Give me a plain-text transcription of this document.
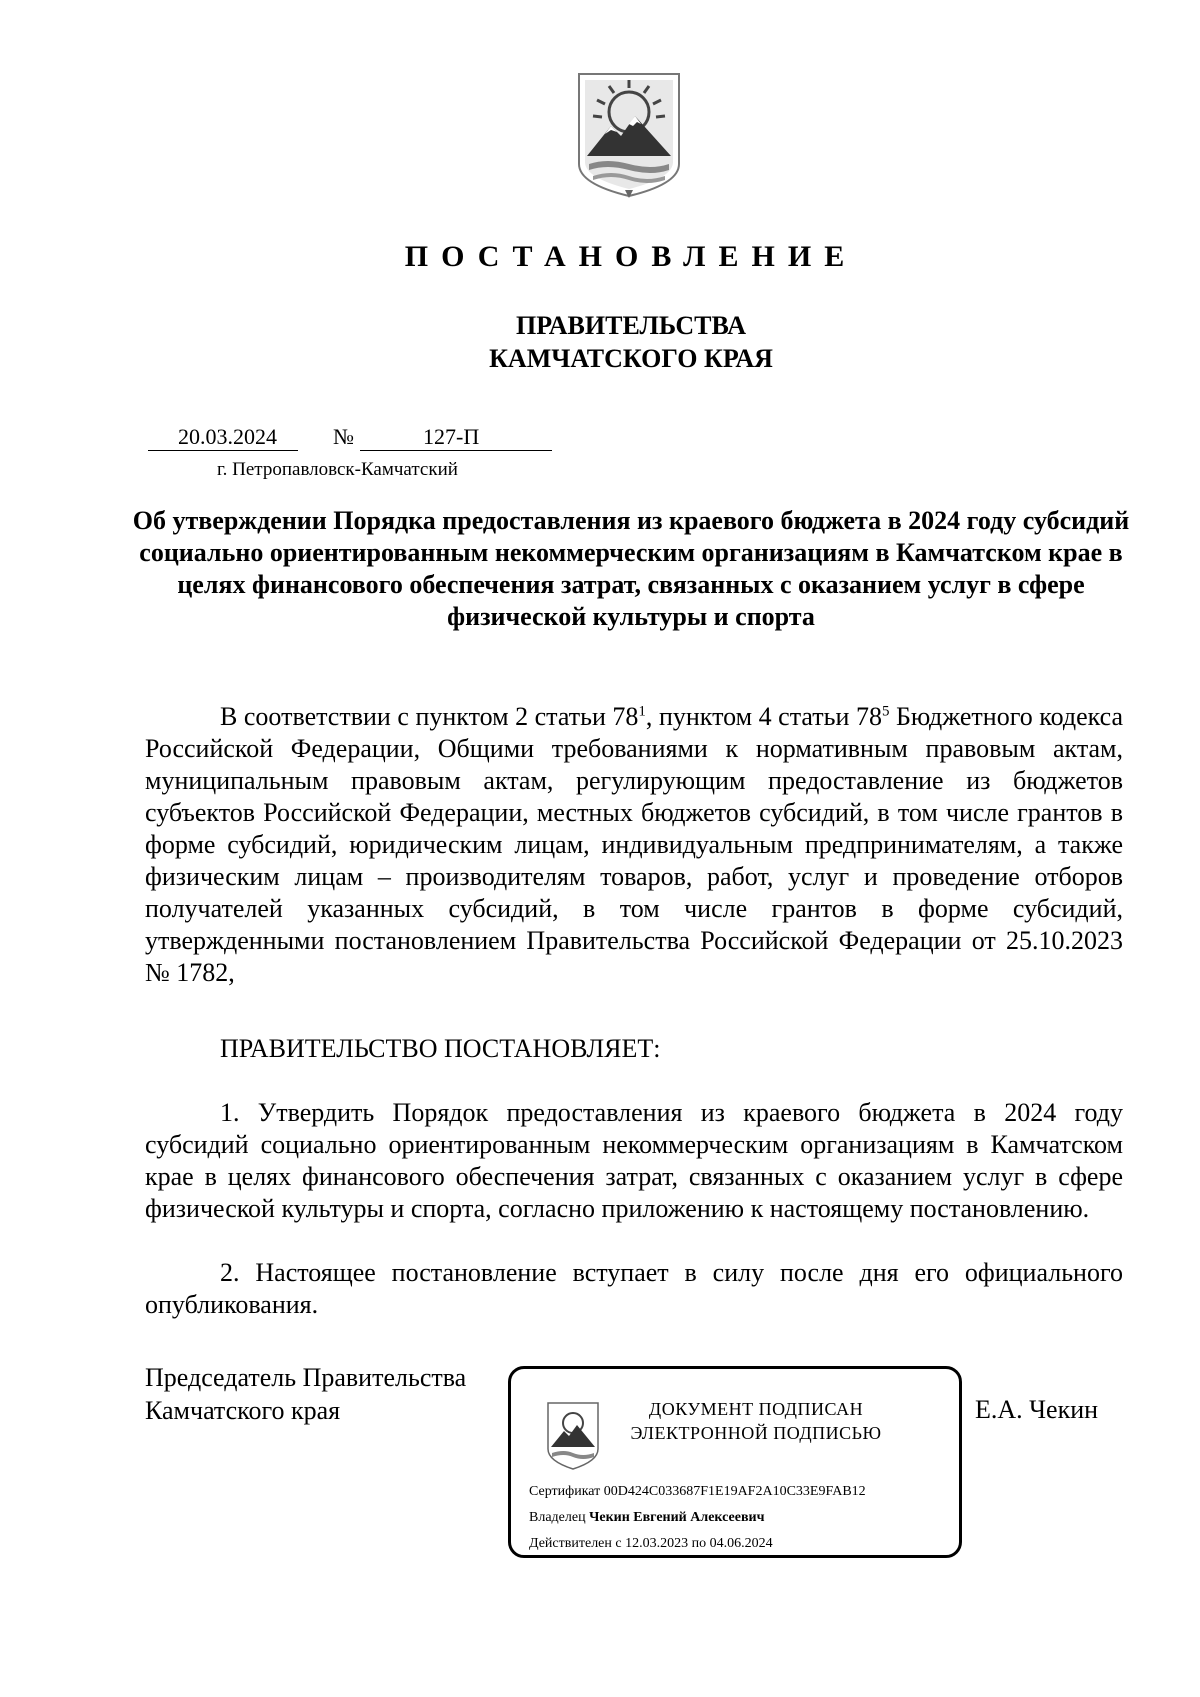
ПОСТАНОВЛЕНИЕ
ПРАВИТЕЛЬСТВА
КАМЧАТСКОГО КРАЯ
20.03.2024	№	127-П
г. Петропавловск-Камчатский
Об утверждении Порядка предоставления из краевого бюджета в 2024 году субсидий социально ориентированным некоммерческим организациям в Камчатском крае в целях финансового обеспечения затрат, связанных с оказанием услуг в сфере физической культуры и спорта
В соответствии с пунктом 2 статьи $78^1$, пунктом 4 статьи $78^5$ Бюджетного кодекса Российской Федерации, Общими требованиями к нормативным правовым актам, муниципальным правовым актам, регулирующим предоставление из бюджетов субъектов Российской Федерации, местных бюджетов субсидий, в том числе грантов в форме субсидий, юридическим лицам, индивидуальным предпринимателям, а также физическим лицам – производителям товаров, работ, услуг и проведение отборов получателей указанных субсидий, в том числе грантов в форме субсидий, утвержденными постановлением Правительства Российской Федерации от 25.10.2023 № 1782,
ПРАВИТЕЛЬСТВО ПОСТАНОВЛЯЕТ:
1. Утвердить Порядок предоставления из краевого бюджета в 2024 году субсидий социально ориентированным некоммерческим организациям в Камчатском крае в целях финансового обеспечения затрат, связанных с оказанием услуг в сфере физической культуры и спорта, согласно приложению к настоящему постановлению.
2. Настоящее постановление вступает в силу после дня его официального опубликования.
Председатель Правительства
Камчатского края	ДОКУМЕНТ ПОДПИСАН
ЭЛЕКТРОННОЙ ПОДПИСЬЮ
Сертификат 00D424C033687F1E19AF2A10C33E9FAB12
Владелец Чекин Евгений Алексеевич
Действителен с 12.03.2023 по 04.06.2024
Е.А. Чекин
